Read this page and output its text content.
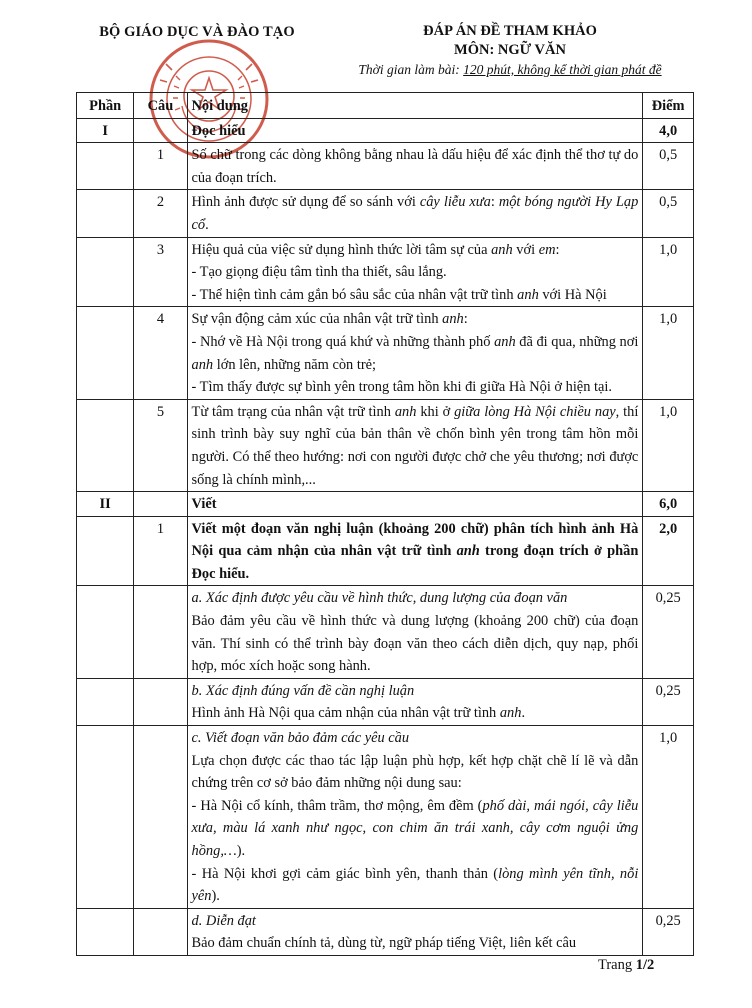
BỘ GIÁO DỤC VÀ ĐÀO TẠO	ĐÁP ÁN ĐỀ THAM KHẢO
MÔN: NGỮ VĂN
Thời gian làm bài: 120 phút, không kể thời gian phát đề
Phần	Câu	Nội dung	Điểm
I		Đọc hiểu	4,0
	1	Số chữ trong các dòng không bằng nhau là dấu hiệu để xác định thể thơ tự do của đoạn trích.	0,5
	2	Hình ảnh được sử dụng để so sánh với cây liễu xưa: một bóng người Hy Lạp cổ.	0,5
	3	Hiệu quả của việc sử dụng hình thức lời tâm sự của anh với em:
- Tạo giọng điệu tâm tình tha thiết, sâu lắng.
- Thể hiện tình cảm gắn bó sâu sắc của nhân vật trữ tình anh với Hà Nội	1,0
	4	Sự vận động cảm xúc của nhân vật trữ tình anh:
- Nhớ về Hà Nội trong quá khứ và những thành phố anh đã đi qua, những nơi anh lớn lên, những năm còn trẻ;
- Tìm thấy được sự bình yên trong tâm hồn khi đi giữa Hà Nội ở hiện tại.	1,0
	5	Từ tâm trạng của nhân vật trữ tình anh khi ở giữa lòng Hà Nội chiều nay, thí sinh trình bày suy nghĩ của bản thân về chốn bình yên trong tâm hồn mỗi người. Có thể theo hướng: nơi con người được chở che yêu thương; nơi được sống là chính mình,...	1,0
II		Viết	6,0
	1	Viết một đoạn văn nghị luận (khoảng 200 chữ) phân tích hình ảnh Hà Nội qua cảm nhận của nhân vật trữ tình anh trong đoạn trích ở phần Đọc hiểu.	2,0

		a. Xác định được yêu cầu về hình thức, dung lượng của đoạn văn
Bảo đảm yêu cầu về hình thức và dung lượng (khoảng 200 chữ) của đoạn văn. Thí sinh có thể trình bày đoạn văn theo cách diễn dịch, quy nạp, phối hợp, móc xích hoặc song hành.	0,25

		b. Xác định đúng vấn đề cần nghị luận
Hình ảnh Hà Nội qua cảm nhận của nhân vật trữ tình anh.	0,25

		c. Viết đoạn văn bảo đảm các yêu cầu
Lựa chọn được các thao tác lập luận phù hợp, kết hợp chặt chẽ lí lẽ và dẫn chứng trên cơ sở bảo đảm những nội dung sau:
- Hà Nội cổ kính, thâm trầm, thơ mộng, êm đềm (phố dài, mái ngói, cây liễu xưa, màu lá xanh như ngọc, con chim ăn trái xanh, cây cơm nguội ửng hồng,…).
- Hà Nội khơi gợi cảm giác bình yên, thanh thản (lòng mình yên tĩnh, nỗi yên).	1,0

		d. Diễn đạt
Bảo đảm chuẩn chính tả, dùng từ, ngữ pháp tiếng Việt, liên kết câu	0,25
Trang 1/2
